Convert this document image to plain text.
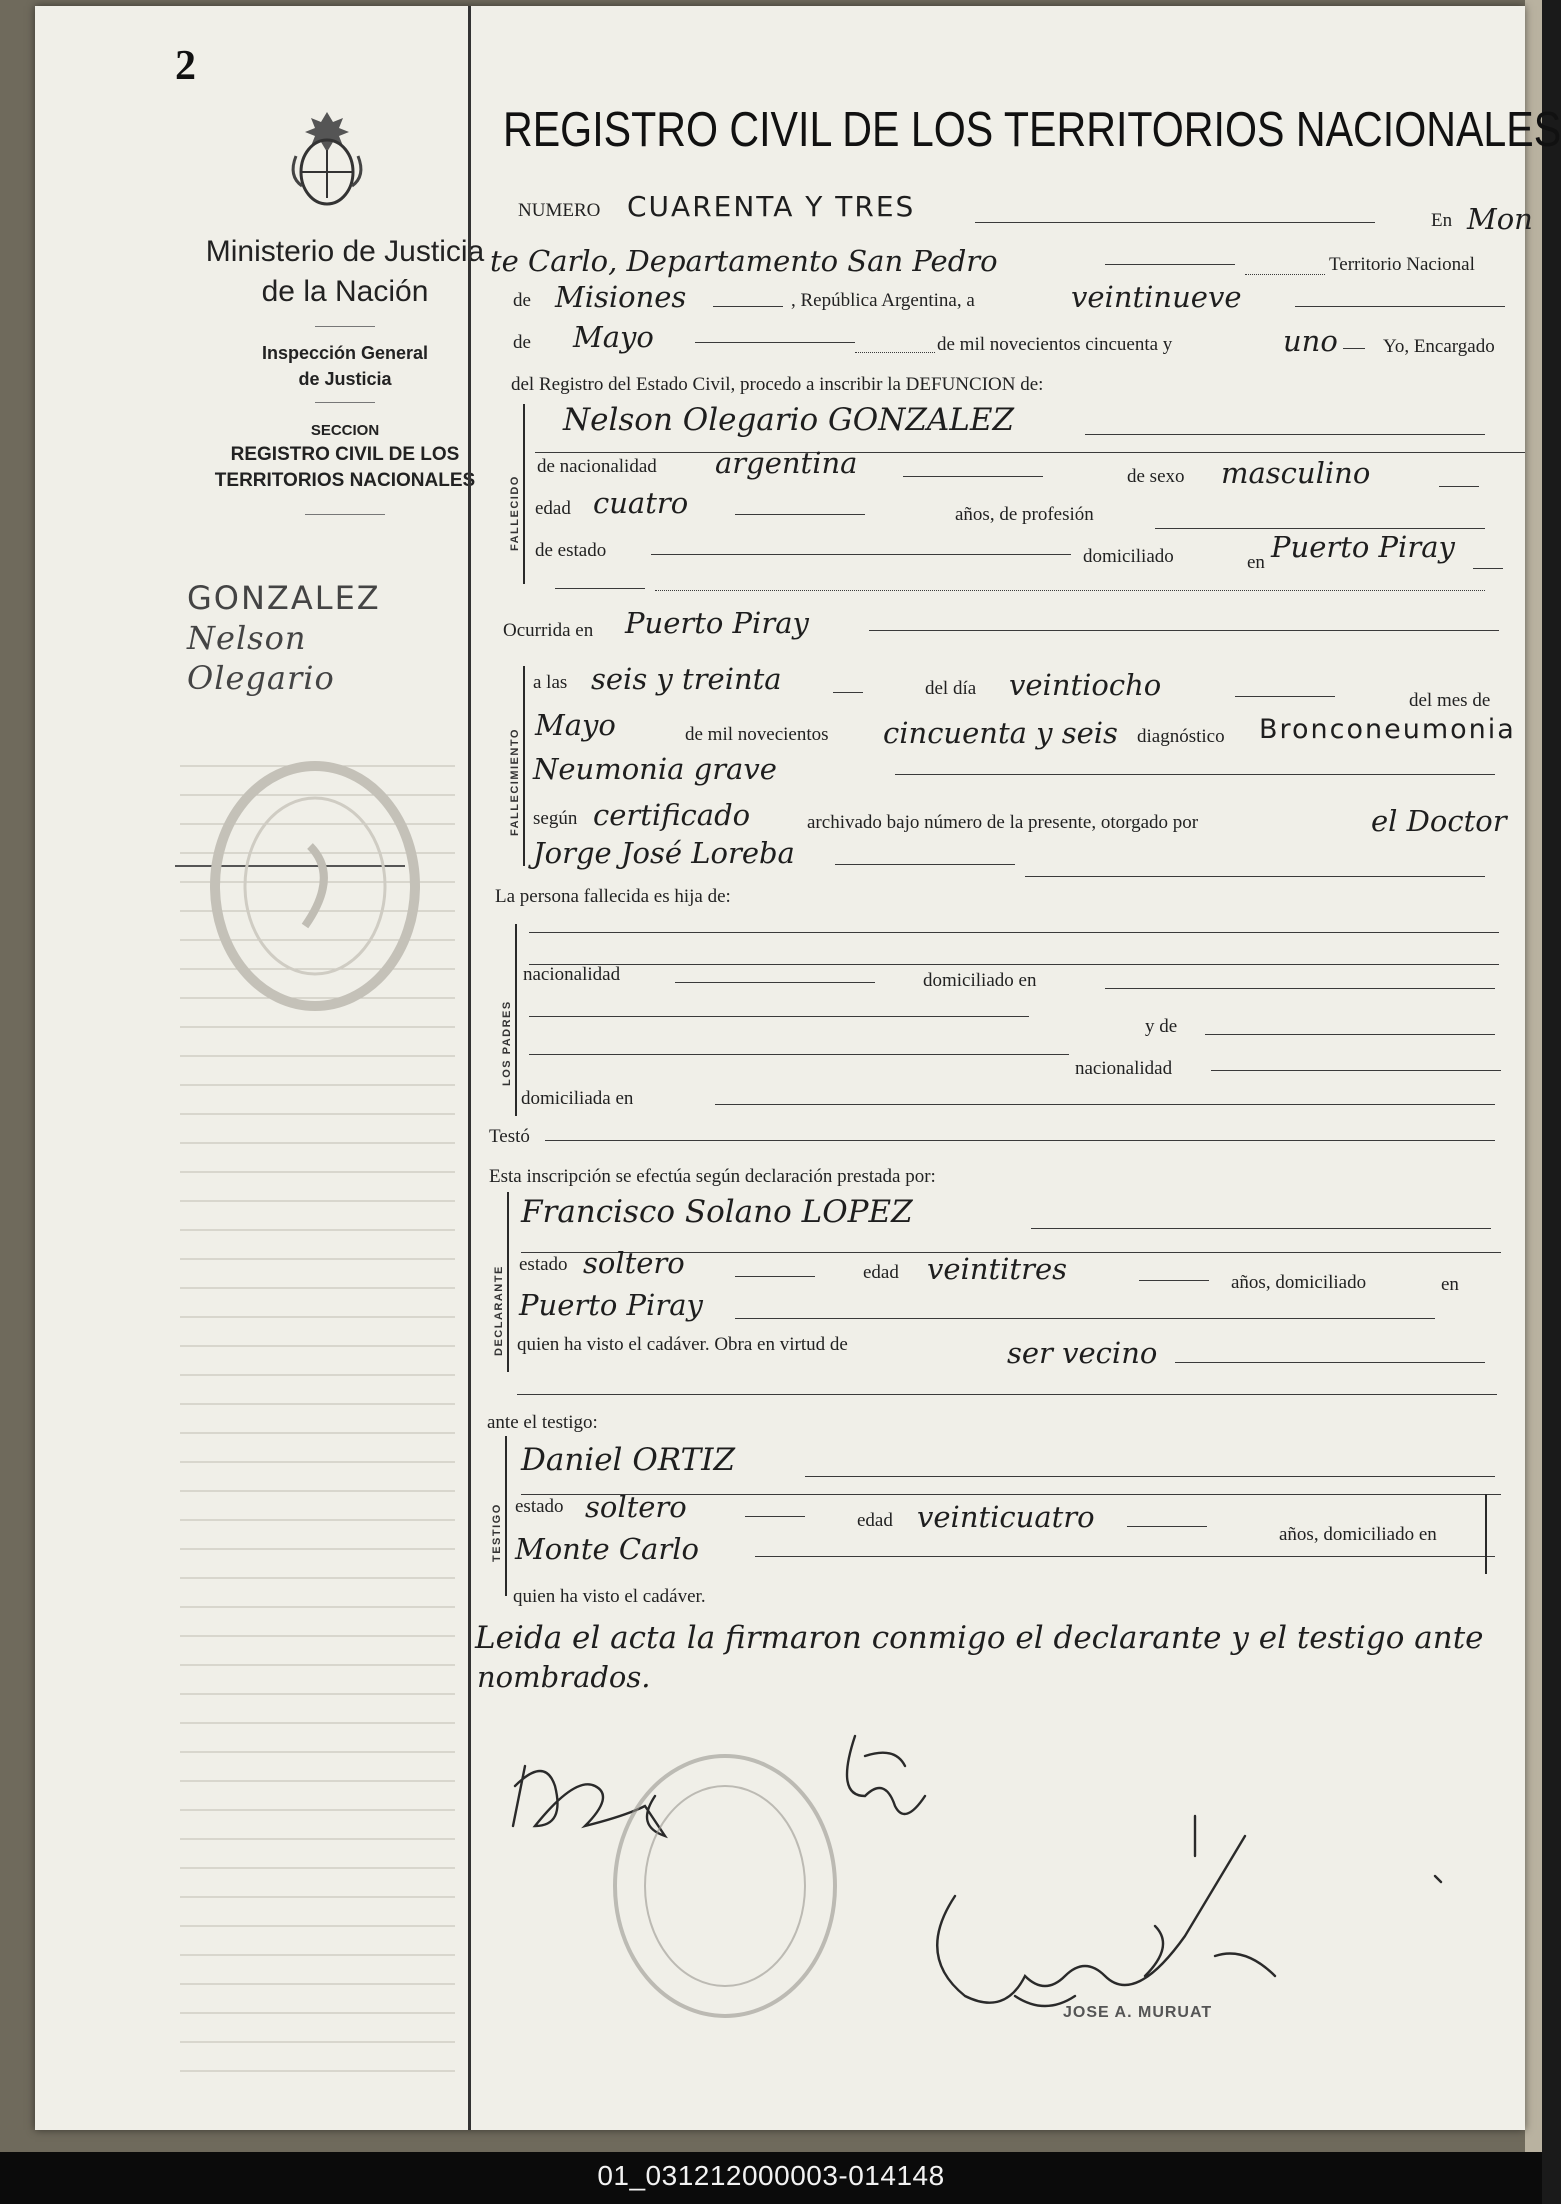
2
Ministerio de Justicia
de la Nación
Inspección General
de Justicia
SECCION
REGISTRO CIVIL DE LOS
TERRITORIOS NACIONALES
GONZALEZ
Nelson
Olegario
REGISTRO CIVIL DE LOS TERRITORIOS NACIONALES
NUMERO CUARENTA Y TRES	En Mon
te Carlo, Departamento San Pedro	Territorio Nacional
de Misiones	, República Argentina, a	veintinueve
de Mayo	de mil novecientos cincuenta y	uno Yo, Encargado
del Registro del Estado Civil, procedo a inscribir la DEFUNCION de:
FALLECIDO
Nelson Olegario GONZALEZ
de nacionalidad argentina	de sexo masculino
edad cuatro	años, de profesión
de estado	domiciliado	en Puerto Piray
Ocurrida en Puerto Piray
FALLECIMIENTO
a las seis y treinta	del día veintiocho	del mes de
Mayo	de mil novecientos cincuenta y seis diagnóstico Bronconeumonia
Neumonia grave
según certificado	archivado bajo número de la presente, otorgado por	el Doctor
Jorge José Loreba
La persona fallecida es hija de:
LOS PADRES
nacionalidad	domiciliado en
y de
nacionalidad
domiciliada en
Testó
Esta inscripción se efectúa según declaración prestada por:
DECLARANTE
Francisco Solano LOPEZ
estado soltero	edad veintitres	años, domiciliado	en
Puerto Piray
quien ha visto el cadáver. Obra en virtud de	ser vecino
ante el testigo:
TESTIGO
Daniel ORTIZ
estado soltero	edad veinticuatro
años, domiciliado en
Monte Carlo
quien ha visto el cadáver.
Leida el acta la firmaron conmigo el declarante y el testigo ante
nombrados.
JOSE A. MURUAT
01_031212000003-014148
